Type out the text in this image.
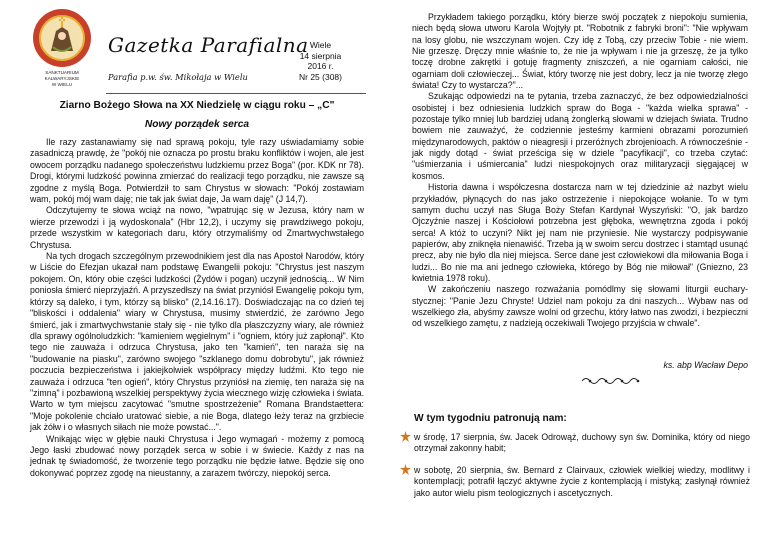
SANKTUARIUM
KALWARYJSKIE
W WIELU
Gazetka Parafialna
Parafia p.w. św. Mikołaja w Wielu
Wiele
14 sierpnia
2016 r.
Nr 25 (308)
Ziarno Bożego Słowa na XX Niedzielę w ciągu roku – „C"
Nowy porządek serca

Ile razy zastanawiamy się nad sprawą pokoju, tyle razy uświadamiamy sobie zasadniczą prawdę, że "pokój nie oznacza po prostu braku konfliktów i wojen, ale jest owocem porządku nadanego społeczeństwu ludzkiemu przez Boga" (por. KDK nr 78). Drogi, którymi ludzkość powinna zmierzać do realizacji tego porządku, nie zawsze są zgodne z myślą Boga. Potwierdził to sam Chrystus w słowach: "Pokój zostawiam wam, pokój mój wam daję; nie tak jak świat daje, Ja wam daję" (J 14,7).

Odczytujemy te słowa wciąż na nowo, "wpatrując się w Jezusa, który nam w wierze przewodzi i ją wydoskonala" (Hbr 12,2), i uczymy się prawdziwego pokoju, przede wszystkim w kategoriach daru, który otrzymaliśmy od Zmartwychwstałego Chrystusa.

Na tych drogach szczególnym przewodnikiem jest dla nas Apostoł Narodów, który w Liście do Efezjan ukazał nam podstawę Ewangelii pokoju: "Chrystus jest naszym pokojem. On, który obie części ludzkości (Żydów i pogan) uczynił jednością... W Nim poniosła śmierć nieprzyjaźń. A przyszedłszy na świat przyniósł Ewangelię pokoju tym, którzy są daleko, i tym, którzy są blisko" (2,14.16.17). Doświadczając na co dzień tej "bliskości i oddalenia" wiary w Chrystusa, musimy stwierdzić, że zarówno Jego śmierć, jak i zmartwychwstanie stały się - nie tylko dla płaszczyzny wiary, ale również dla sprawy ogólnoludzkich: "kamieniem węgielnym" i "ogniem, który już zapłonął". Kto tego nie zauważa i odrzuca Chrystusa, jako ten "kamień", ten naraża się na "budowanie na piasku", zarówno swojego "szklanego domu dobrobytu", jak również poczucia bezpieczeństwa i jakiejkolwiek współpracy między ludźmi. Kto tego nie zauważa i odrzuca "ten ogień", który Chrystus przyniósł na ziemię, ten naraża się na "zimną" i pozbawioną wszelkiej perspektywy życia wiecznego wizję człowieka i świata. Warto w tym miejscu zacytować "smutne spostrzeżenie" Romana Brandstaettera: "Moje pokolenie chciało uratować siebie, a nie Boga, dlatego łeży teraz na grzbiecie jak żółw i o własnych siłach nie może powstać...".

Wnikając więc w głębie nauki Chrystusa i Jego wymagań - możemy z pomocą Jego łaski zbudować nowy porządek serca w sobie i w świecie. Każdy z nas na jednak tę świadomość, że tworzenie tego porządku nie będzie łatwe. Będzie się ono dokonywać poprzez zgodę na nieustanny, a zarazem twórczy, niepokój serca.

Przykładem takiego porządku, który bierze swój początek z niepokoju sumienia, niech będą słowa utworu Karola Wojtyły pt. "Robotnik z fabryki broni": "Nie wpływam na losy globu, nie wszczynam wojen. Czy idę z Tobą, czy przeciw Tobie - nie wiem. Nie grzeszę. Dręczy mnie właśnie to, że nie ja wpływam i nie ja grzeszę, że ja tylko toczę drobne zakrętki i gotuję fragmenty zniszczeń, a nie ogarniam całości, nie ogarniam doli człowieczej... Świat, który tworzę nie jest dobry, lecz ja nie tworzę złego świata! Czy to wystarcza?"...

Szukając odpowiedzi na te pytania, trzeba zaznaczyć, że bez odpowiedzialności osobistej i bez odniesienia ludzkich spraw do Boga - "każda wielka sprawa" - pozostaje tylko mniej lub bardziej udaną żonglerką słowami w dziejach świata. Trudno bowiem nie zauważyć, że codziennie jesteśmy karmieni obrazami porozumień międzynarodowych, paktów o nieagresji i przeróżnych zbrojenioach. A równocześnie - jak nigdy dotąd - świat prześciga się w dziele "pacyfikacji", co trzeba czytać: "uśmierzania i uśmiercania" ludzi niespokojnych oraz militaryzacji sięgającej w kosmos.

Historia dawna i współczesna dostarcza nam w tej dziedzinie aż nazbyt wielu przykładów, płynących do nas jako ostrzeżenie i niepokojące wołanie. To w tym samym duchu uczył nas Sługa Boży Stefan Kardynał Wyszyński: "O, jak bardzo Ojczyźnie naszej i Kościołowi potrzebna jest głęboka, wewnętrzna zgoda i pokój serca! A któż to uczyni? Nikt jej nam nie przyniesie. Nie wystarczy podpisywanie papierów, aby zniknęła nienawiść. Trzeba ją w swoim sercu dostrzec i stamtąd usunąć precz, aby nie było dla niej miejsca. Serce dane jest człowiekowi dla miłowania Boga i ludzi... Bo nie ma ani jednego człowieka, którego by Bóg nie miłował" (Gniezno, 23 kwietnia 1978 roku).

W zakończeniu naszego rozważania pomódlmy się słowami liturgii eucharystycznej: "Panie Jezu Chryste! Udziel nam pokoju za dni naszych... Wybaw nas od wszelkiego zła, abyśmy zawsze wolni od grzechu, który łatwo nas zwodzi, i bezpieczni od wszelkiego zamętu, z nadzieją oczekiwali Twojego przyjścia w chwale".

ks. abp Wacław Depo
W tym tygodniu patronują nam:
w środę, 17 sierpnia, św. Jacek Odrowąż, duchowy syn św. Dominika, który od niego otrzymał zakonny habit;
w sobotę, 20 sierpnia, św. Bernard z Clairvaux, człowiek wielkiej wiedzy, modlitwy i kontemplacji; potrafił łączyć aktywne życie z kontemplacją i mistyką; zasłynął również jako autor wielu pism teologicznych i ascetycznych.
